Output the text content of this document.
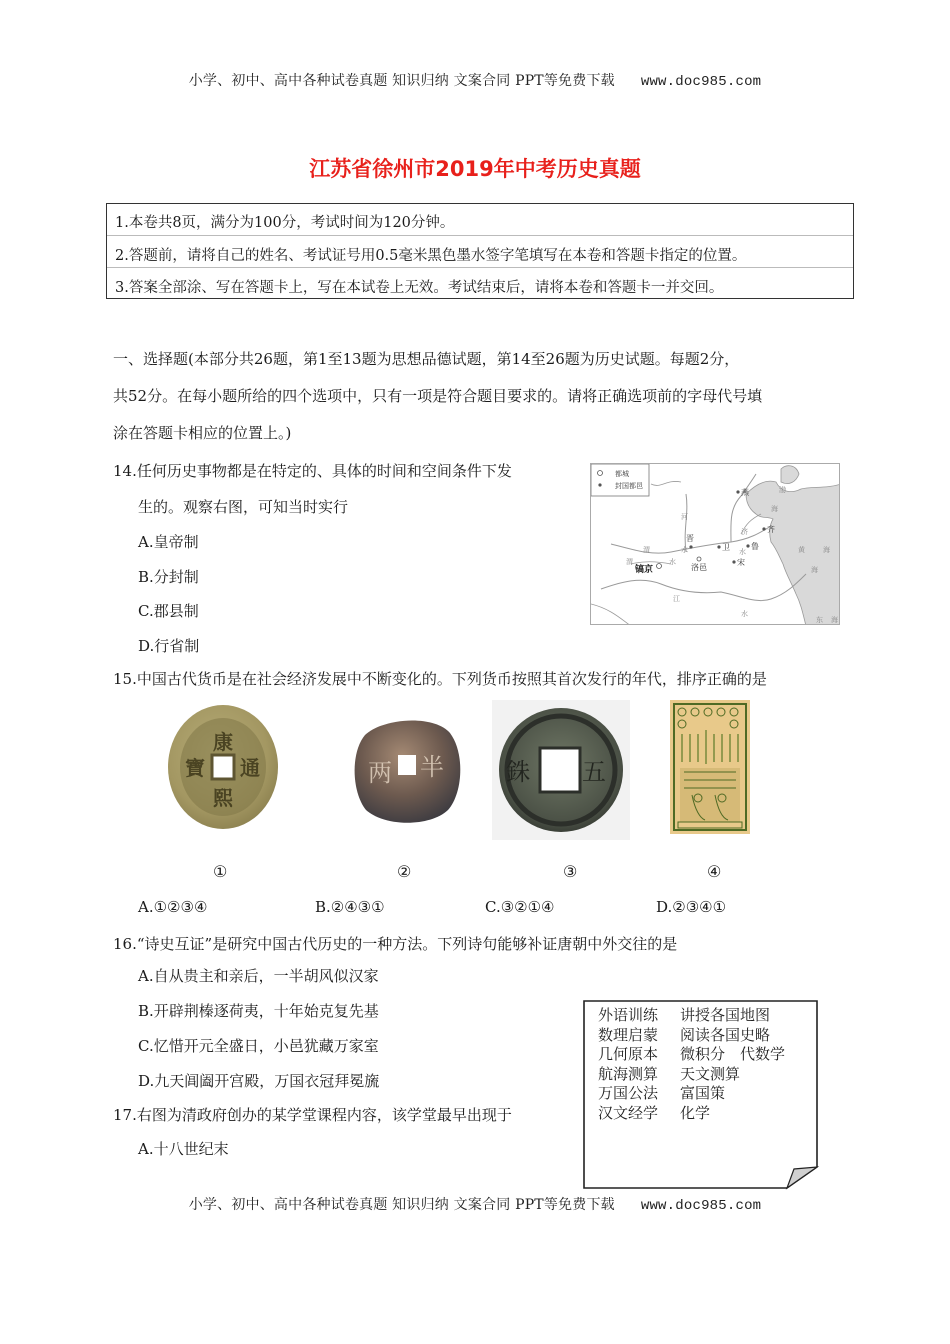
小学、初中、高中各种试卷真题 知识归纳 文案合同 PPT等免费下载 www.doc985.com
江苏省徐州市2019年中考历史真题
1.本卷共8页，满分为100分，考试时间为120分钟。
2.答题前，请将自己的姓名、考试证号用0.5毫米黑色墨水签字笔填写在本卷和答题卡指定的位置。
3.答案全部涂、写在答题卡上，写在本试卷上无效。考试结束后，请将本卷和答题卡一并交回。
一、选择题(本部分共26题，第1至13题为思想品德试题，第14至26题为历史试题。每题2分，
共52分。在每小题所给的四个选项中，只有一项是符合题目要求的。请将正确选项前的字母代号填
涂在答题卡相应的位置上。)
14.任何历史事物都是在特定的、具体的时间和空间条件下发
生的。观察右图，可知当时实行
A.皇帝制
B.分封制
C.郡县制
D.行省制
都城
封国都邑
燕
齐
鲁
宋
卫
晋
洛邑
镐京
渤
海
黄	海
海
东 海
河
水
渭
水
渭
江
水
济
水
15.中国古代货币是在社会经济发展中不断变化的。下列货币按照其首次发行的年代，排序正确的是
康
熙
通
寶	半
两	五
銖
①	②	③	④
A.①②③④	B.②④③①	C.③②①④	D.②③④①
16.“诗史互证”是研究中国古代历史的一种方法。下列诗句能够补证唐朝中外交往的是
A.自从贵主和亲后，一半胡风似汉家
B.开辟荆榛逐荷夷，十年始克复先基
C.忆惜开元全盛日，小邑犹藏万家室
D.九天阊阖开宫殿，万国衣冠拜冕旒
17.右图为清政府创办的某学堂课程内容，该学堂最早出现于
A.十八世纪末
外语训练 讲授各国地图
数理启蒙 阅读各国史略
几何原本 微积分　代数学
航海测算 天文测算
万国公法 富国策
汉文经学 化学
小学、初中、高中各种试卷真题 知识归纳 文案合同 PPT等免费下载 www.doc985.com
